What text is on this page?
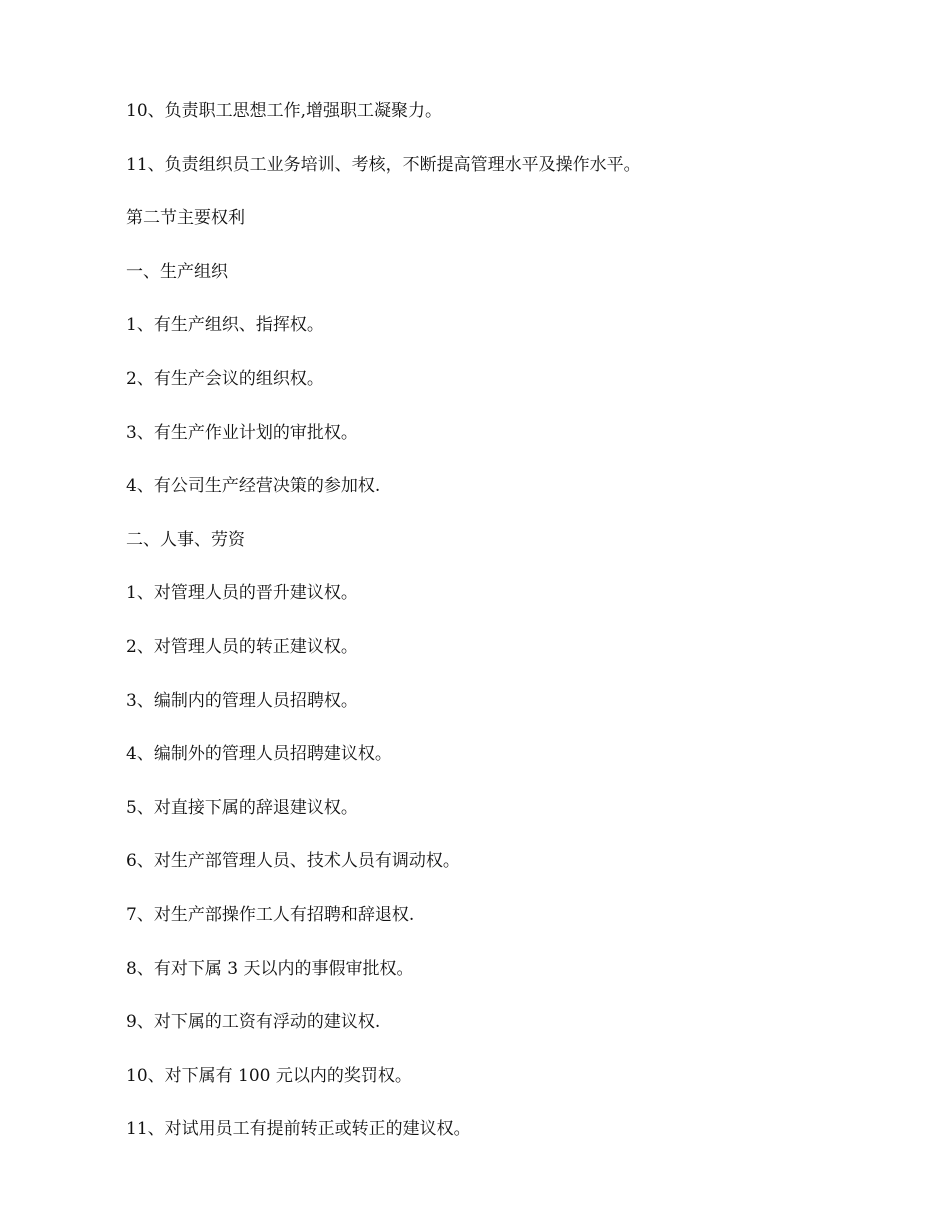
10、负责职工思想工作,增强职工凝聚力。
11、负责组织员工业务培训、考核，不断提高管理水平及操作水平。
第二节主要权利
一、生产组织
1、有生产组织、指挥权。
2、有生产会议的组织权。
3、有生产作业计划的审批权。
4、有公司生产经营决策的参加权.
二、人事、劳资
1、对管理人员的晋升建议权。
2、对管理人员的转正建议权。
3、编制内的管理人员招聘权。
4、编制外的管理人员招聘建议权。
5、对直接下属的辞退建议权。
6、对生产部管理人员、技术人员有调动权。
7、对生产部操作工人有招聘和辞退权.
8、有对下属 3 天以内的事假审批权。
9、对下属的工资有浮动的建议权.
10、对下属有 100 元以内的奖罚权。
11、对试用员工有提前转正或转正的建议权。
